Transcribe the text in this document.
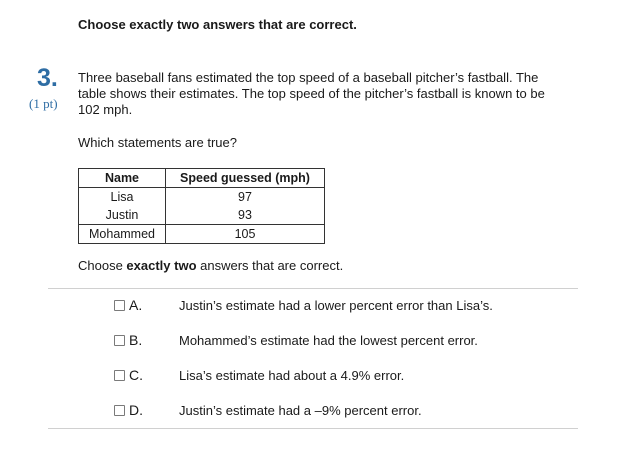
Choose exactly two answers that are correct.
3.
(1 pt)
Three baseball fans estimated the top speed of a baseball pitcher’s fastball. The table shows their estimates. The top speed of the pitcher’s fastball is known to be 102 mph.
Which statements are true?
Name	Speed guessed (mph)
Lisa	97
Justin	93
Mohammed	105
Choose exactly two answers that are correct.
A.	Justin’s estimate had a lower percent error than Lisa’s.
B.	Mohammed’s estimate had the lowest percent error.
C.	Lisa’s estimate had about a 4.9% error.
D.	Justin’s estimate had a –9% percent error.
